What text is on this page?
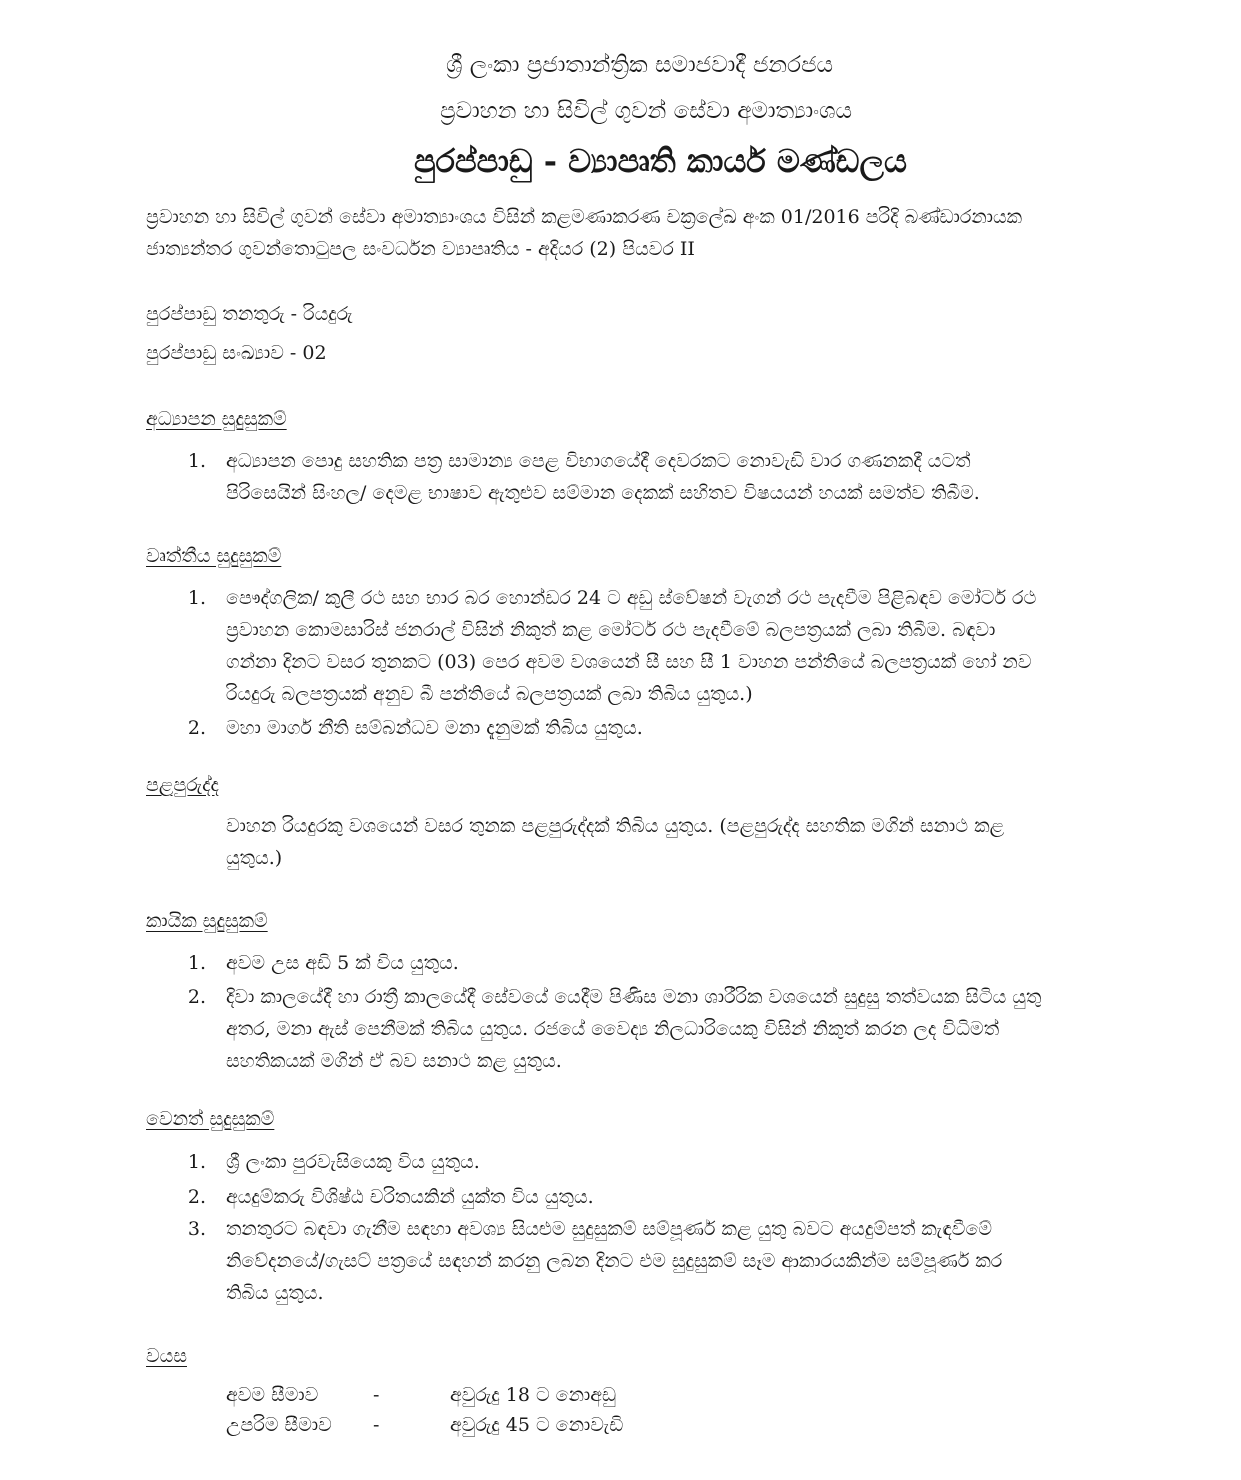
ශ්‍රී ලංකා ප්‍රජාතාන්ත්‍රික සමාජවාදී ජනරජය
ප්‍රවාහන හා සිවිල් ගුවන් සේවා අමාත්‍යාංශය
පුරප්පාඩු - ව්‍යාපෘති කාර්ය මණ්ඩලය
ප්‍රවාහන හා සිවිල් ගුවන් සේවා අමාත්‍යාංශය විසින් කළමණාකරණ චක්‍රලේඛ අංක 01/2016 පරිදි බණ්ඩාරනායක
ජාත්‍යන්තර ගුවන්තොටුපල සංවර්ධන ව්‍යාපෘතිය - අදියර (2) පියවර II
පුරප්පාඩු තනතුරු - රියදුරු
පුරප්පාඩු සංඛ්‍යාව - 02
අධ්‍යාපන සුදුසුකම්
1. අධ්‍යාපන පොදු සහතික පත්‍ර සාමාන්‍ය පෙළ විභාගයේදී දෙවරකට නොවැඩි වාර ගණනකදී යටත්
පිරිසෙයින් සිංහල/ දෙමළ භාෂාව ඇතුළුව සම්මාන දෙකක් සහිතව විෂයයන් හයක් සමත්ව තිබීම.
වෘත්තීය සුදුසුකම්
1. පෞද්ගලික/ කුලී රථ සහ භාර බර හොන්ඩර 24 ට අඩු ස්වේෂන් වැගන් රථ පැදවීම පිළිබඳව මෝටර් රථ
ප්‍රවාහන කොමසාරිස් ජනරාල් විසින් නිකුත් කළ මෝටර් රථ පැදවීමේ බලපත්‍රයක් ලබා තිබීම. බඳවා
ගන්නා දිනට වසර තුනකට (03) පෙර අවම වශයෙන් සී සහ සී 1 වාහන පන්තියේ බලපත්‍රයක් හෝ නව
රියදුරු බලපත්‍රයක් අනුව බී පන්තියේ බලපත්‍රයක් ලබා තිබිය යුතුය.)
2. මහා මාර්ග නීති සම්බන්ධව මනා දැනුමක් තිබිය යුතුය.
පළපුරුද්ද
වාහන රියදුරකු වශයෙන් වසර තුනක පළපුරුද්දක් තිබිය යුතුය. (පළපුරුද්ද සහතික මගින් සනාථ කළ
යුතුය.)
කායික සුදුසුකම්
1. අවම උස අඩි 5 ක් විය යුතුය.
2. දිවා කාලයේදී හා රාත්‍රී කාලයේදී සේවයේ යෙදීම පිණිස මනා ශාරීරික වශයෙන් සුදුසු තත්වයක සිටිය යුතු
අතර, මනා ඇස් පෙනීමක් තිබිය යුතුය. රජයේ වෛද්‍ය නිලධාරියෙකු විසින් නිකුත් කරන ලද විධිමත්
සහතිකයක් මගින් ඒ බව සනාථ කළ යුතුය.
වෙනත් සුදුසුකම්
1. ශ්‍රී ලංකා පුරවැසියෙකු විය යුතුය.
2. අයදුම්කරු විශිෂ්ඨ චරිතයකින් යුක්ත විය යුතුය.
3. තනතුරට බඳවා ගැනීම සඳහා අවශ්‍ය සියළුම සුදුසුකම් සම්පූර්ණ කළ යුතු බවට අයදුම්පත් කැඳවීමේ
නිවේදනයේ/ගැසට් පත්‍රයේ සඳහන් කරනු ලබන දිනට එම සුදුසුකම් සෑම ආකාරයකින්ම සම්පූර්ණ කර
තිබිය යුතුය.
වයස
අවම සීමාව	-	අවුරුදු 18 ට නොඅඩු
උපරිම සීමාව -	අවුරුදු 45 ට නොවැඩි
